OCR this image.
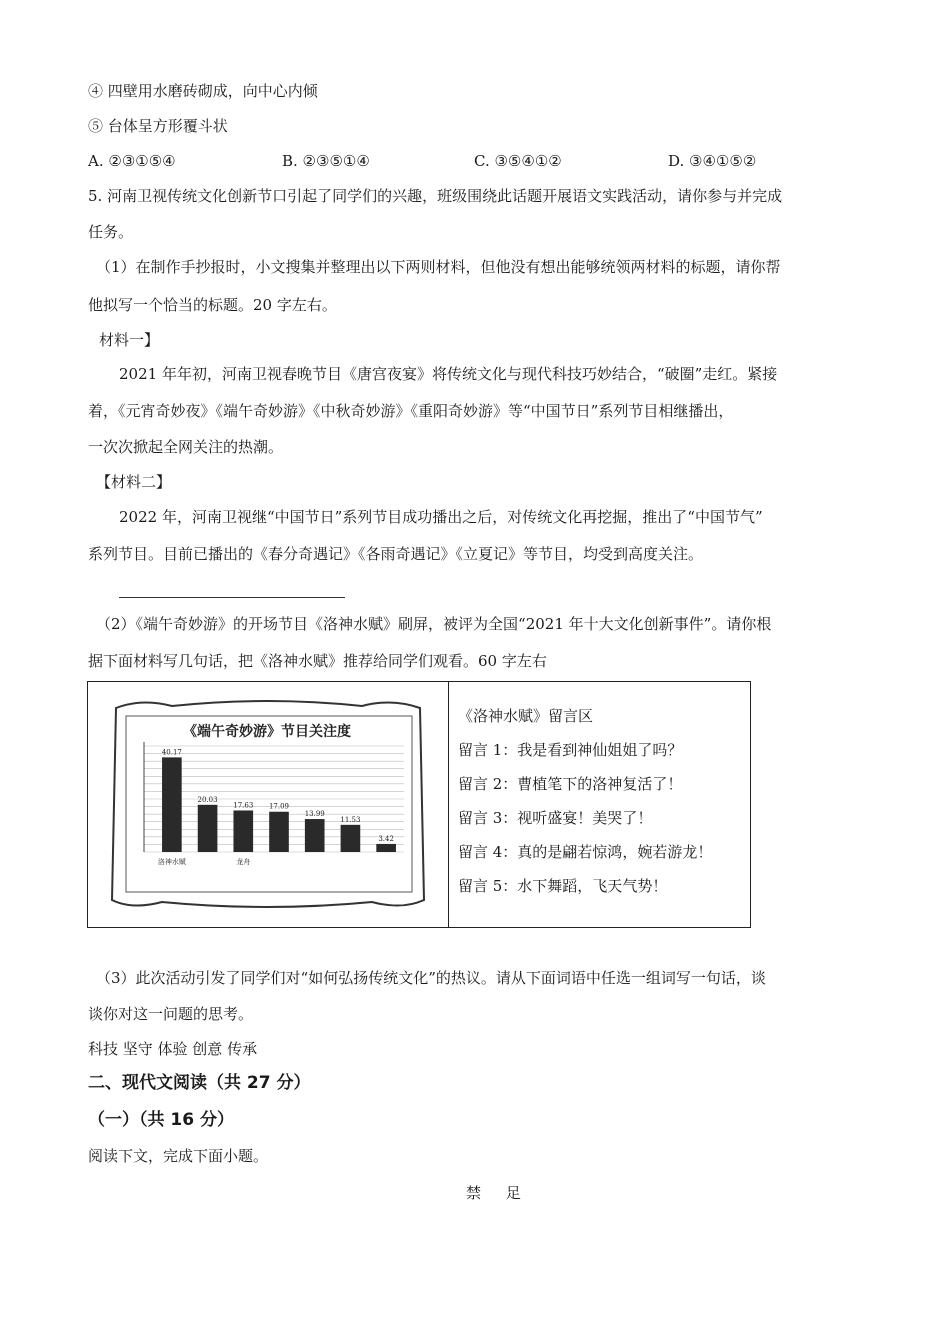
④ 四壁用水磨砖砌成，向中心内倾
⑤ 台体呈方形覆斗状
A. ②③①⑤④	B. ②③⑤①④	C. ③⑤④①②	D. ③④①⑤②
5. 河南卫视传统文化创新节口引起了同学们的兴趣，班级围绕此话题开展语文实践活动，请你参与并完成
任务。
（1）在制作手抄报时，小文搜集并整理出以下两则材料，但他没有想出能够统领两材料的标题，请你帮
他拟写一个恰当的标题。20 字左右。
材料一】
2021 年年初，河南卫视春晚节目《唐宫夜宴》将传统文化与现代科技巧妙结合，“破圈”走红。紧接
着，《元宵奇妙夜》《端午奇妙游》《中秋奇妙游》《重阳奇妙游》等“中国节日”系列节目相继播出，
一次次掀起全网关注的热潮。
【材料二】
2022 年，河南卫视继“中国节日”系列节目成功播出之后，对传统文化再挖掘，推出了“中国节气”
系列节目。目前已播出的《春分奇遇记》《各雨奇遇记》《立夏记》等节目，均受到高度关注。
（2）《端午奇妙游》的开场节目《洛神水赋》刷屏，被评为全国“2021 年十大文化创新事件”。请你根
据下面材料写几句话，把《洛神水赋》推荐给同学们观看。60 字左右
《端午奇妙游》节目关注度
40.17
20.03
17.63 17.09
13.99
11.53
3.42
洛神水赋	龙舟
《洛神水赋》留言区
留言 1：我是看到神仙姐姐了吗？
留言 2：曹植笔下的洛神复活了！
留言 3：视听盛宴！美哭了！
留言 4：真的是翩若惊鸿，婉若游龙！
留言 5：水下舞蹈，飞天气势！
（3）此次活动引发了同学们对“如何弘扬传统文化”的热议。请从下面词语中任选一组词写一句话，谈
谈你对这一问题的思考。
科技 坚守 体验 创意 传承
二、现代文阅读（共 27 分）
（一）（共 16 分）
阅读下文，完成下面小题。
禁 足
